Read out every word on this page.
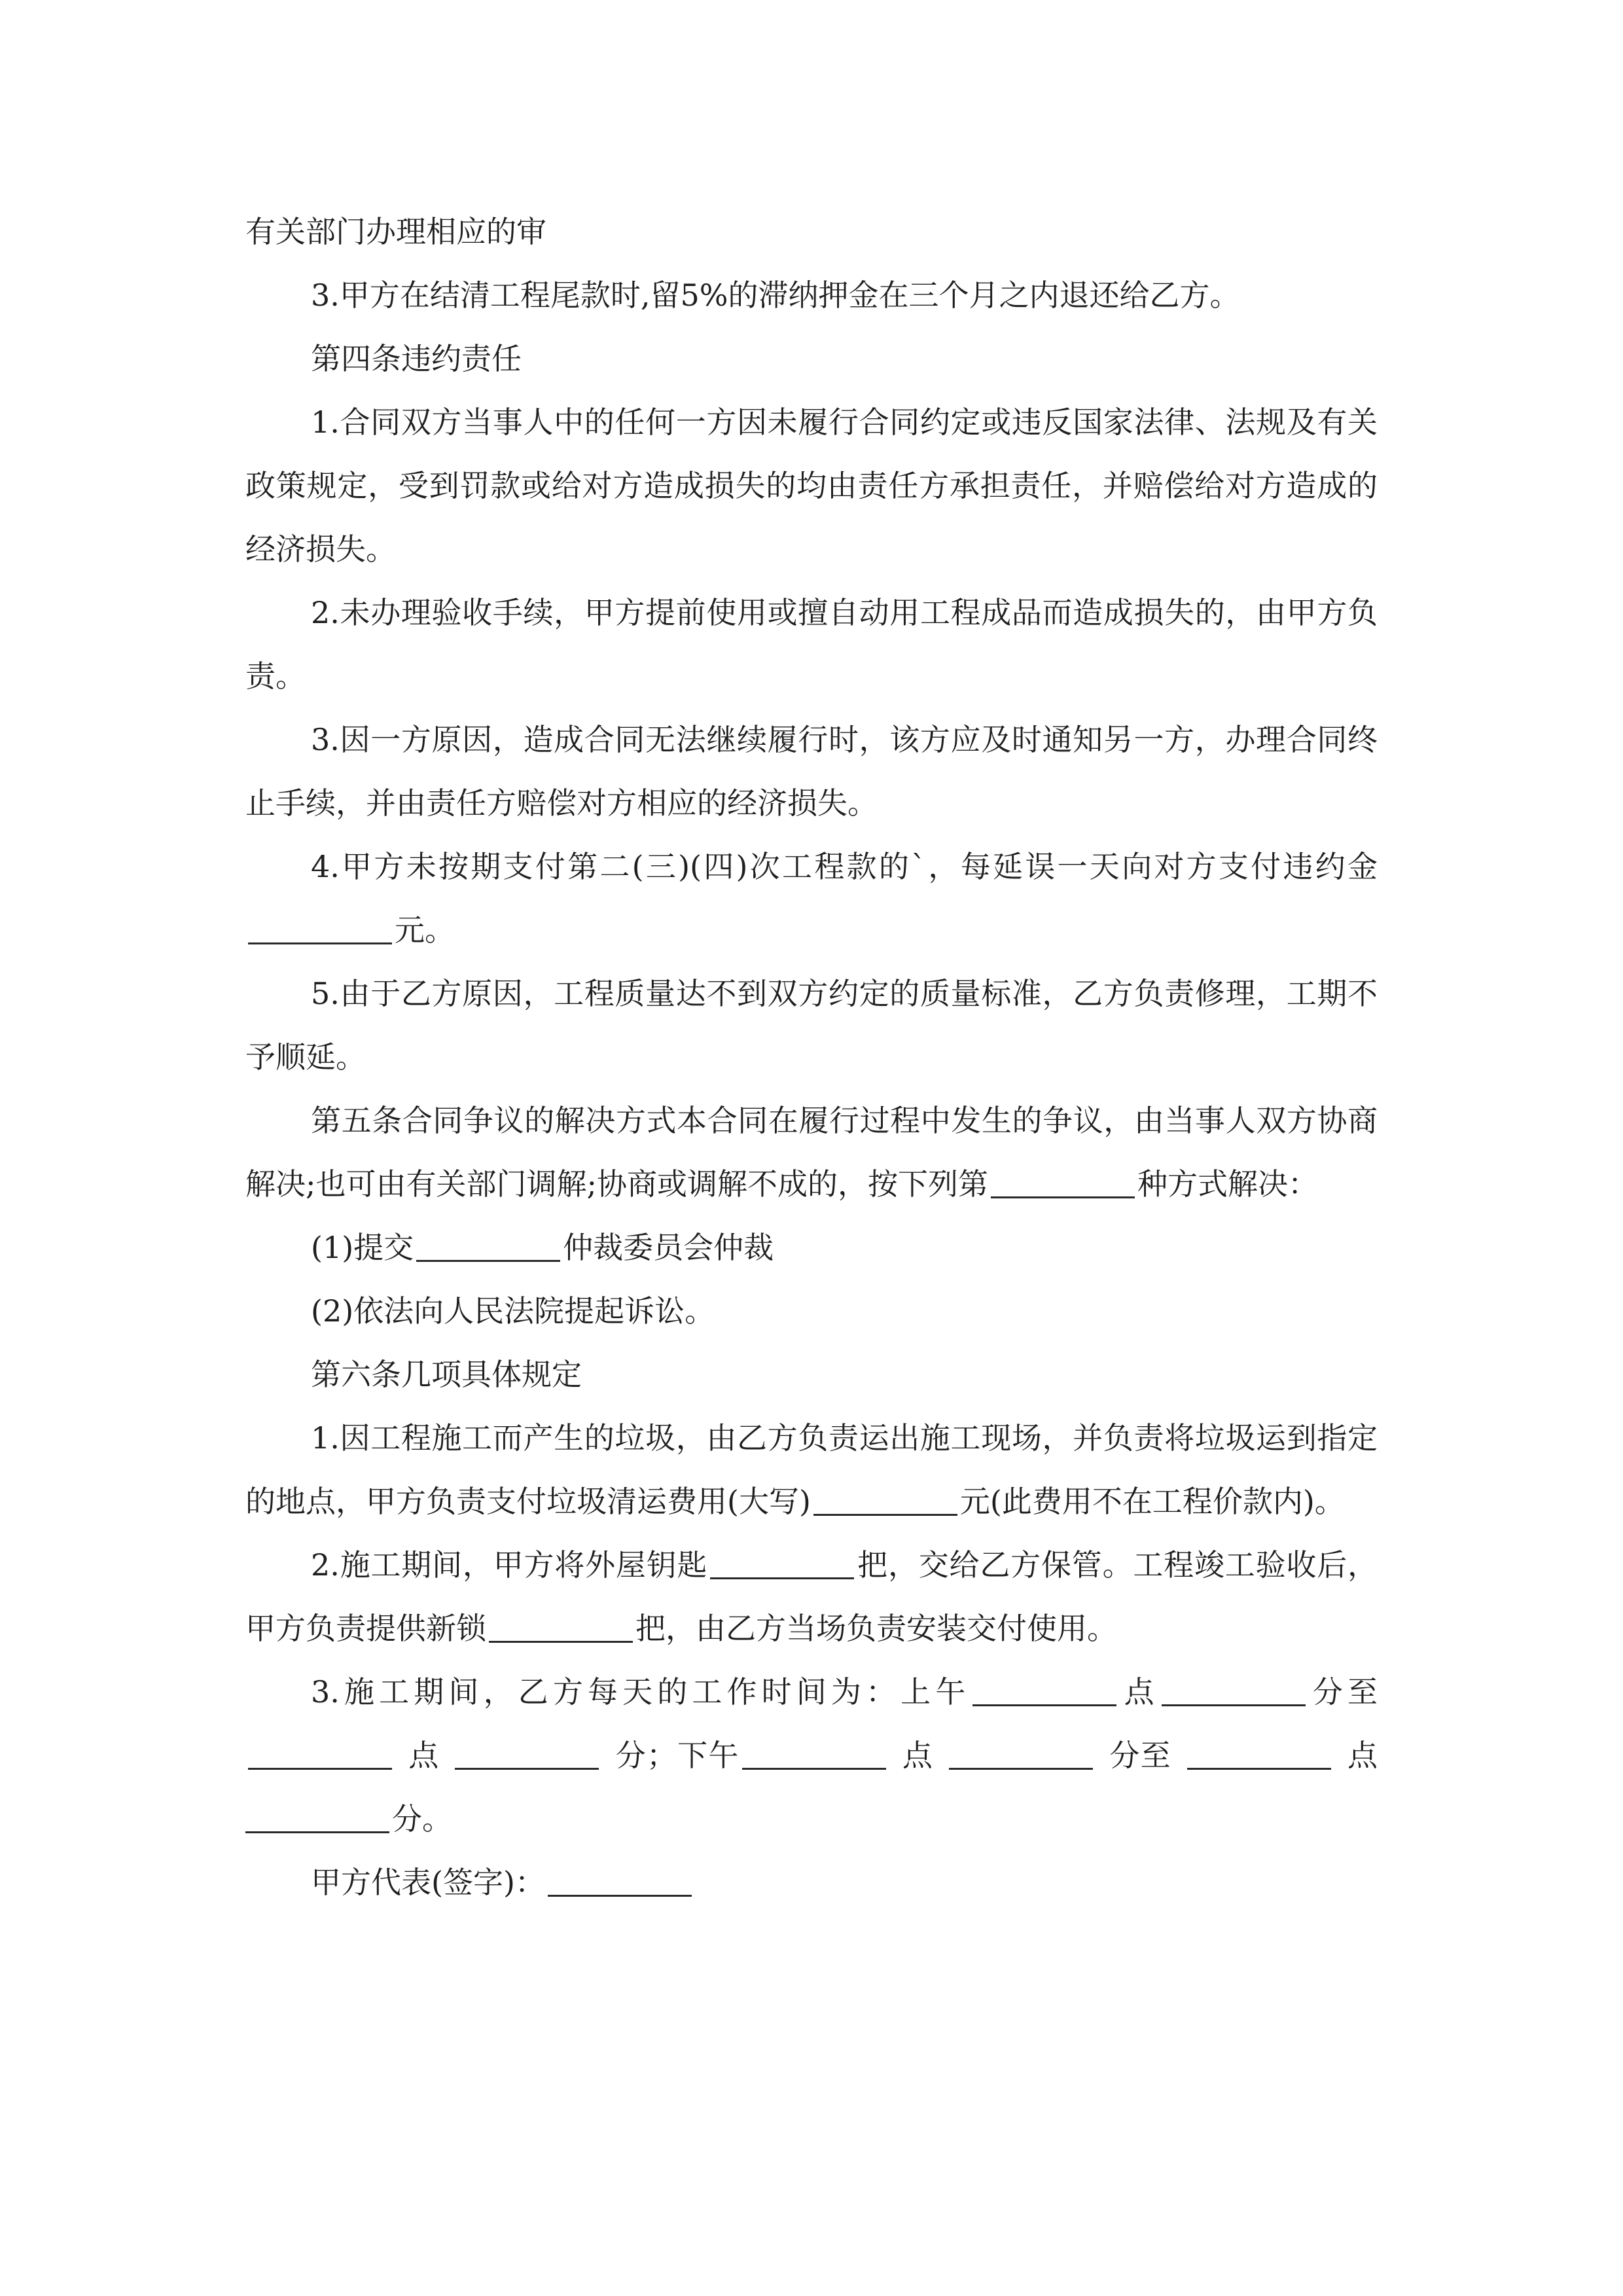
有关部门办理相应的审

3.甲方在结清工程尾款时,留5%的滞纳押金在三个月之内退还给乙方。

第四条违约责任

1.合同双方当事人中的任何一方因未履行合同约定或违反国家法律、法规及有关政策规定，受到罚款或给对方造成损失的均由责任方承担责任，并赔偿给对方造成的经济损失。

2.未办理验收手续，甲方提前使用或擅自动用工程成品而造成损失的，由甲方负责。

3.因一方原因，造成合同无法继续履行时，该方应及时通知另一方，办理合同终止手续，并由责任方赔偿对方相应的经济损失。

4.甲方未按期支付第二(三)(四)次工程款的`，每延误一天向对方支付违约金元。

5.由于乙方原因，工程质量达不到双方约定的质量标准，乙方负责修理，工期不予顺延。

第五条合同争议的解决方式本合同在履行过程中发生的争议，由当事人双方协商解决;也可由有关部门调解;协商或调解不成的，按下列第	种方式解决：

(1)提交	仲裁委员会仲裁

(2)依法向人民法院提起诉讼。

第六条几项具体规定

1.因工程施工而产生的垃圾，由乙方负责运出施工现场，并负责将垃圾运到指定的地点，甲方负责支付垃圾清运费用(大写)	元(此费用不在工程价款内)。

2.施工期间，甲方将外屋钥匙	把，交给乙方保管。工程竣工验收后，甲方负责提供新锁	把，由乙方当场负责安装交付使用。

3.施工期间，乙方每天的工作时间为：上午	点	分至点	分；下午	点	分至	点分。

甲方代表(签字)：
